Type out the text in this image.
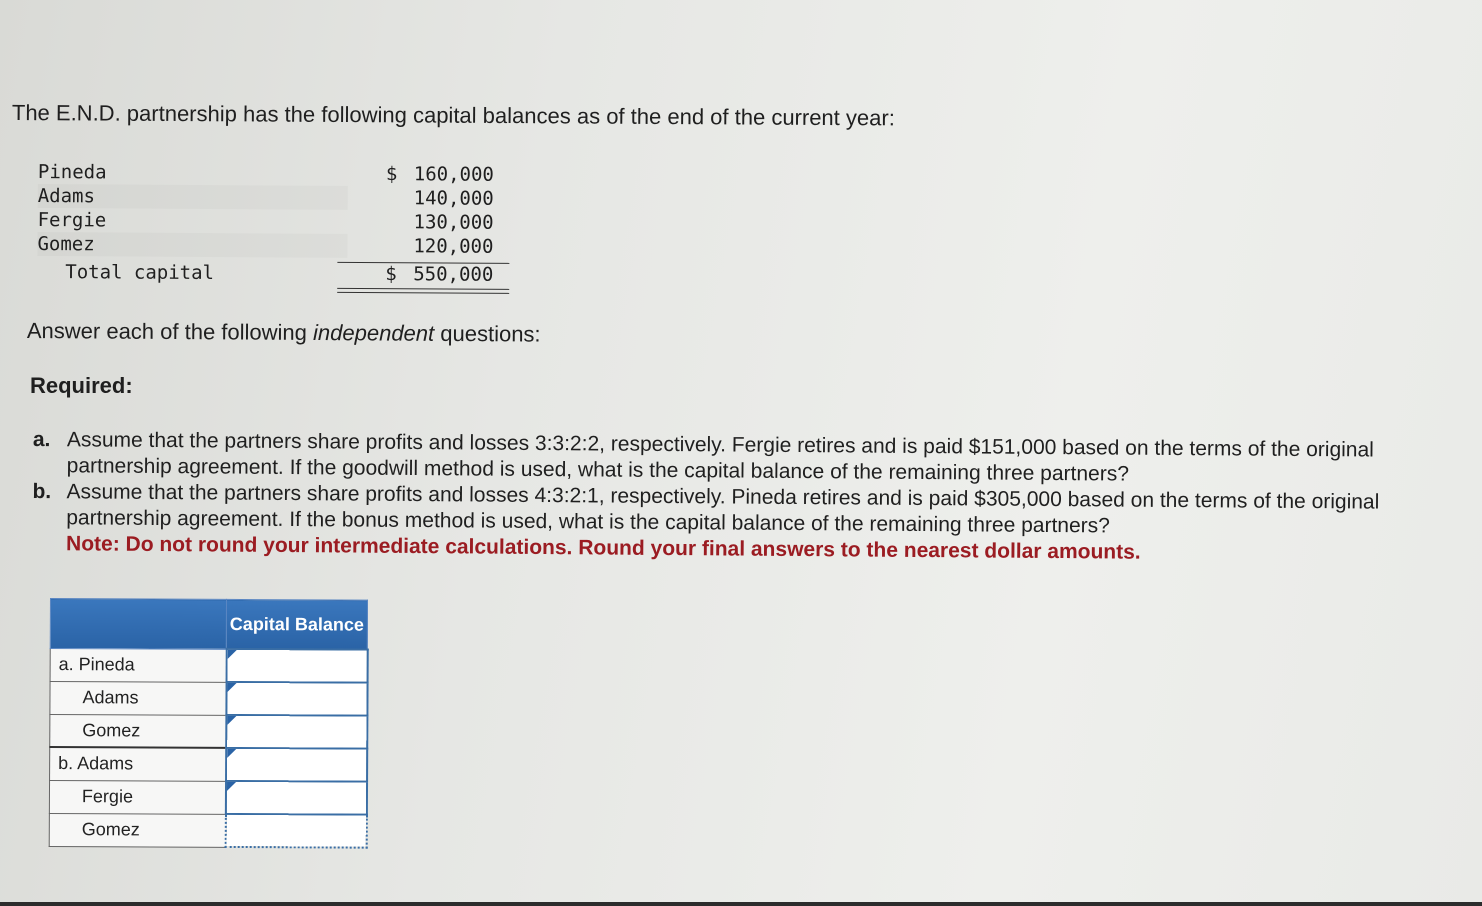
The E.N.D. partnership has the following capital balances as of the end of the current year:

Pineda	$ 160,000
Adams	140,000
Fergie	130,000
Gomez	120,000
Total capital	$ 550,000

Answer each of the following independent questions:

Required:

a. Assume that the partners share profits and losses 3:3:2:2, respectively. Fergie retires and is paid $151,000 based on the terms of the original partnership agreement. If the goodwill method is used, what is the capital balance of the remaining three partners?
b. Assume that the partners share profits and losses 4:3:2:1, respectively. Pineda retires and is paid $305,000 based on the terms of the original partnership agreement. If the bonus method is used, what is the capital balance of the remaining three partners?
Note: Do not round your intermediate calculations. Round your final answers to the nearest dollar amounts.
	Capital Balance
a. Pineda	

Adams	

Gomez	

b. Adams	

Fergie	

Gomez	
